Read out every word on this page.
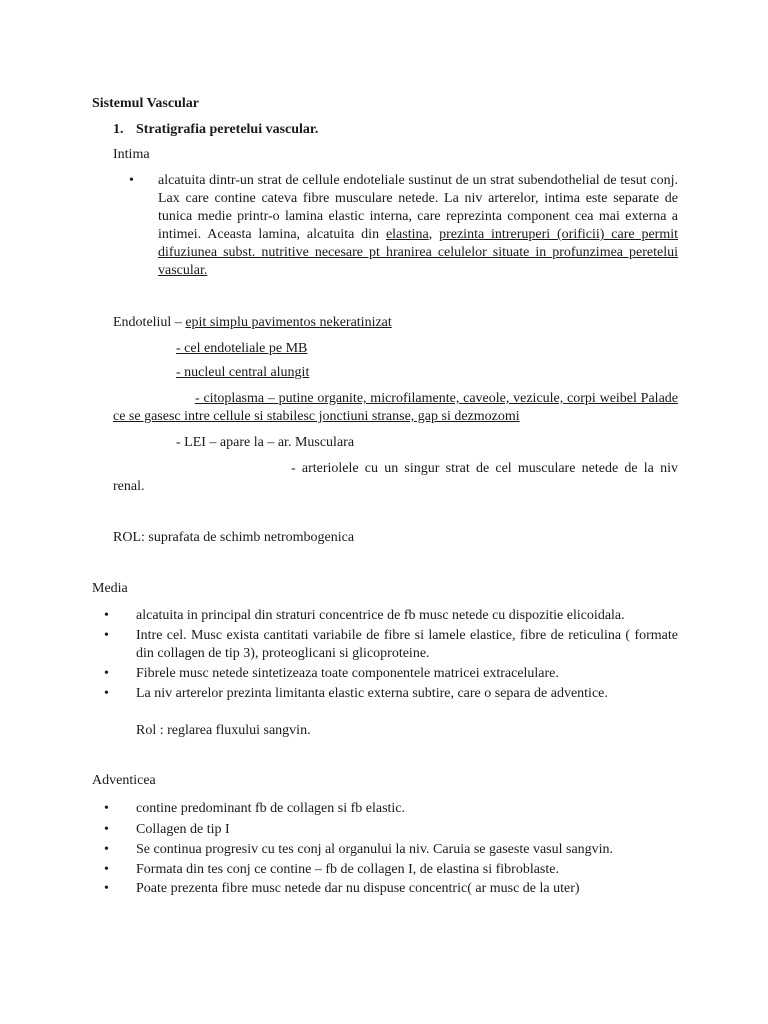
Sistemul Vascular
1. Stratigrafia peretelui vascular.
Intima
• alcatuita dintr-un strat de cellule endoteliale sustinut de un strat subendothelial de tesut conj. Lax care contine cateva fibre musculare netede. La niv arterelor, intima este separate de tunica medie printr-o lamina elastic interna, care reprezinta component cea mai externa a intimei. Aceasta lamina, alcatuita din elastina, prezinta intreruperi (orificii) care permit difuziunea subst. nutritive necesare pt hranirea celulelor situate in profunzimea peretelui vascular.
Endoteliul – epit simplu pavimentos nekeratinizat
- cel endoteliale pe MB
- nucleul central alungit
- citoplasma – putine organite, microfilamente, caveole, vezicule, corpi weibel Palade ce se gasesc intre cellule si stabilesc jonctiuni stranse, gap si dezmozomi
- LEI – apare la – ar. Musculara
- arteriolele cu un singur strat de cel musculare netede de la niv renal.
ROL: suprafata de schimb netrombogenica
Media
• alcatuita in principal din straturi concentrice de fb musc netede cu dispozitie elicoidala.
• Intre cel. Musc exista cantitati variabile de fibre si lamele elastice, fibre de reticulina ( formate din collagen de tip 3), proteoglicani si glicoproteine.
• Fibrele musc netede sintetizeaza toate componentele matricei extracelulare.
• La niv arterelor prezinta limitanta elastic externa subtire, care o separa de adventice.
Rol : reglarea fluxului sangvin.
Adventicea
• contine predominant fb de collagen si fb elastic.
• Collagen de tip I
• Se continua progresiv cu tes conj al organului la niv. Caruia se gaseste vasul sangvin.
• Formata din tes conj ce contine – fb de collagen I, de elastina si fibroblaste.
• Poate prezenta fibre musc netede dar nu dispuse concentric( ar musc de la uter)
